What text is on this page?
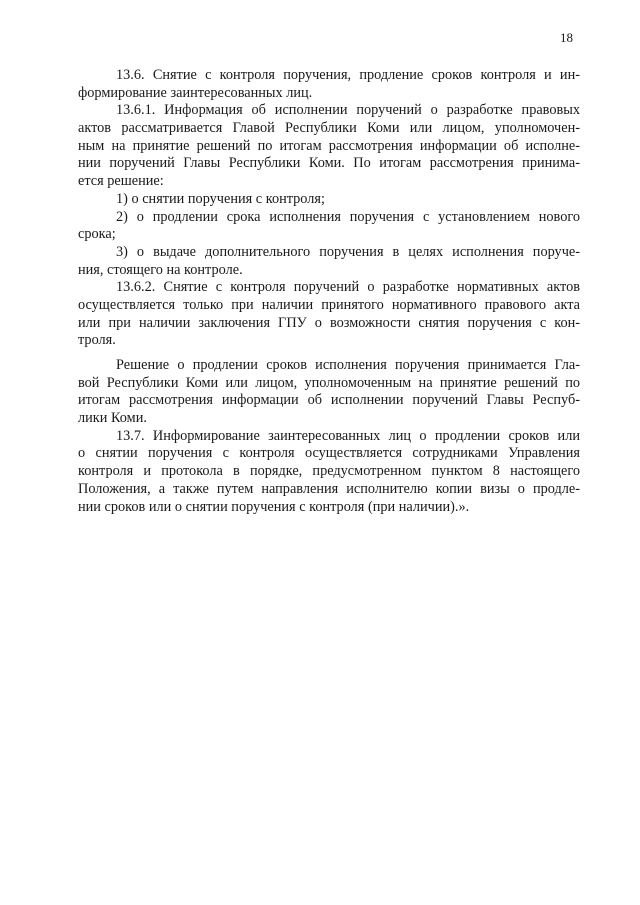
18
13.6. Снятие с контроля поручения, продление сроков контроля и ин-
формирование заинтересованных лиц.
13.6.1. Информация об исполнении поручений о разработке правовых
актов рассматривается Главой Республики Коми или лицом, уполномочен-
ным на принятие решений по итогам рассмотрения информации об исполне-
нии поручений Главы Республики Коми. По итогам рассмотрения принима-
ется решение:
1) о снятии поручения с контроля;
2) о продлении срока исполнения поручения с установлением нового
срока;
3) о выдаче дополнительного поручения в целях исполнения поруче-
ния, стоящего на контроле.
13.6.2. Снятие с контроля поручений о разработке нормативных актов
осуществляется только при наличии принятого нормативного правового акта
или при наличии заключения ГПУ о возможности снятия поручения с кон-
троля.
Решение о продлении сроков исполнения поручения принимается Гла-
вой Республики Коми или лицом, уполномоченным на принятие решений по
итогам рассмотрения информации об исполнении поручений Главы Респуб-
лики Коми.
13.7. Информирование заинтересованных лиц о продлении сроков или
о снятии поручения с контроля осуществляется сотрудниками Управления
контроля и протокола в порядке, предусмотренном пунктом 8 настоящего
Положения, а также путем направления исполнителю копии визы о продле-
нии сроков или о снятии поручения с контроля (при наличии).».
